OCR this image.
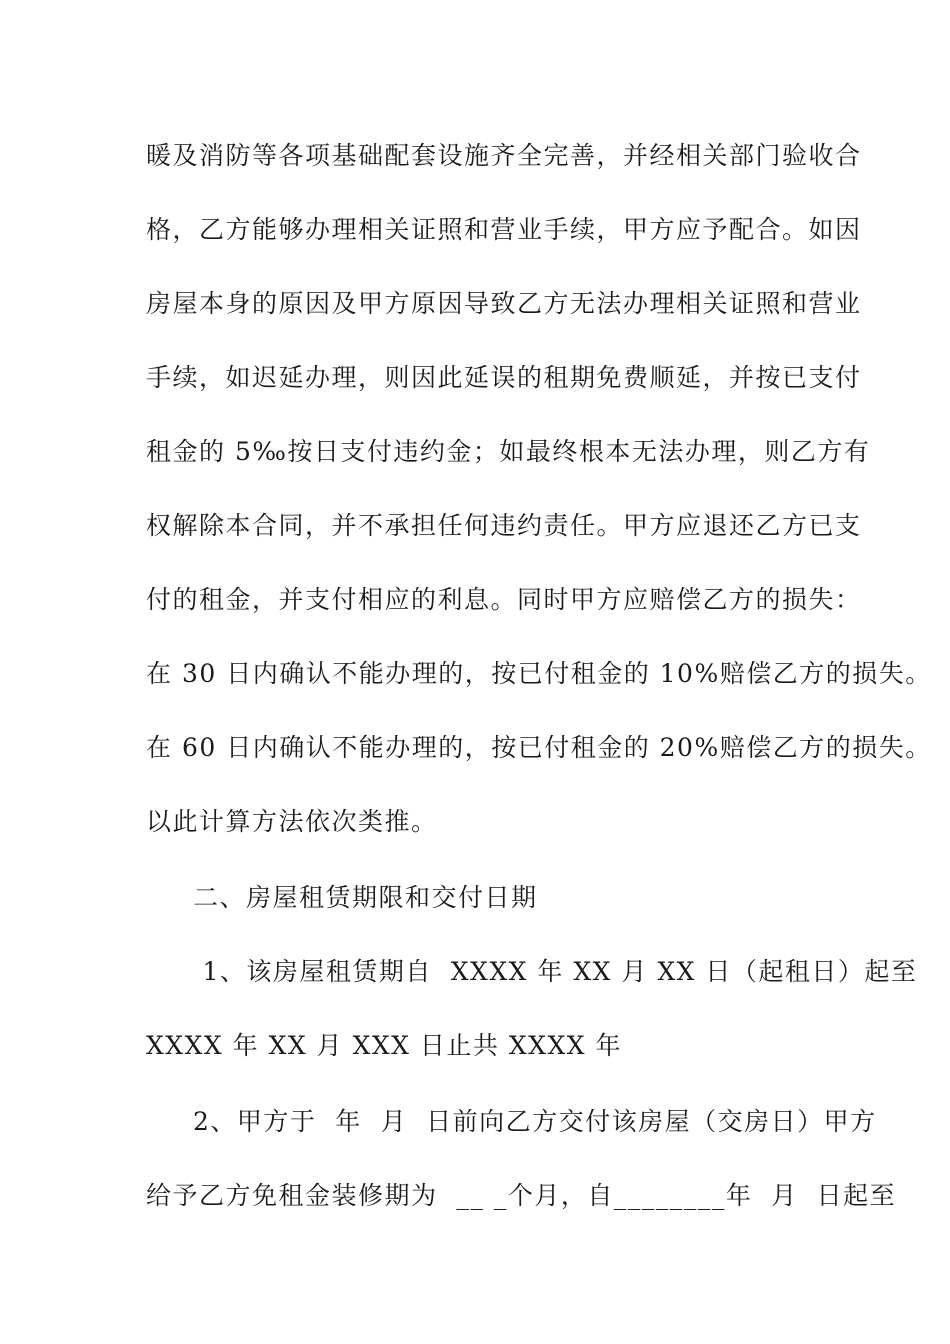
暖及消防等各项基础配套设施齐全完善，并经相关部门验收合
格，乙方能够办理相关证照和营业手续，甲方应予配合。如因
房屋本身的原因及甲方原因导致乙方无法办理相关证照和营业
手续，如迟延办理，则因此延误的租期免费顺延，并按已支付
租金的 5‰按日支付违约金；如最终根本无法办理，则乙方有
权解除本合同，并不承担任何违约责任。甲方应退还乙方已支
付的租金，并支付相应的利息。同时甲方应赔偿乙方的损失：
在 30 日内确认不能办理的，按已付租金的 10%赔偿乙方的损失。
在 60 日内确认不能办理的，按已付租金的 20%赔偿乙方的损失。
以此计算方法依次类推。
二、房屋租赁期限和交付日期
1、该房屋租赁期自  XXXX 年 XX 月 XX 日（起租日）起至
XXXX 年 XX 月 XXX 日止共 XXXX 年
2、甲方于  年  月  日前向乙方交付该房屋（交房日）甲方
给予乙方免租金装修期为  __ _个月，自________年  月  日起至
